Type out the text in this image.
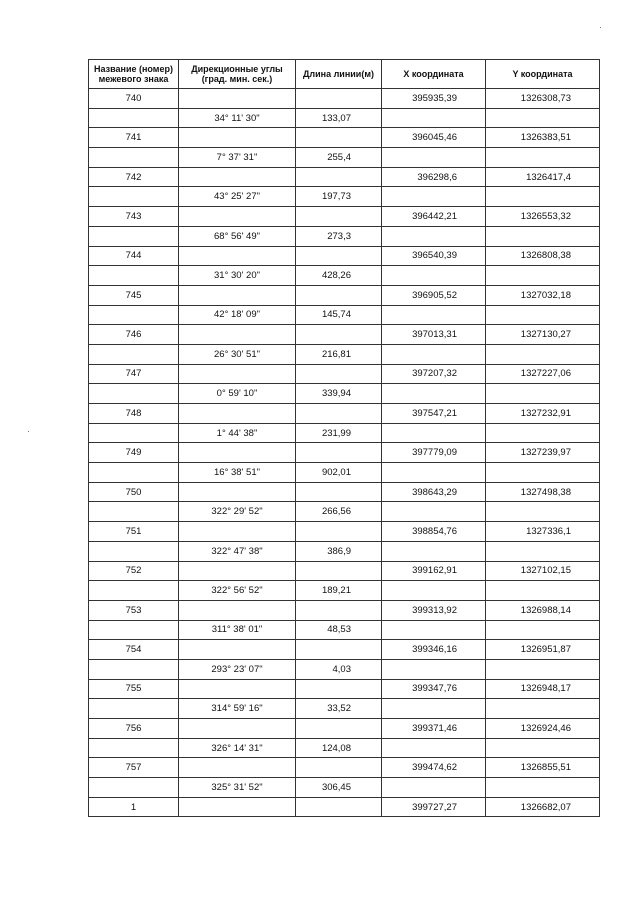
Название (номер) межевого знака	Дирекционные углы (град. мин. сек.)	Длина линии(м)	X координата	Y координата
740			395935,39	1326308,73
	34° 11' 30"	133,07		
741			396045,46	1326383,51
	7° 37' 31"	255,4		
742			396298,6	1326417,4
	43° 25' 27"	197,73		
743			396442,21	1326553,32
	68° 56' 49"	273,3		
744			396540,39	1326808,38
	31° 30' 20"	428,26		
745			396905,52	1327032,18
	42° 18' 09"	145,74		
746			397013,31	1327130,27
	26° 30' 51"	216,81		
747			397207,32	1327227,06
	0° 59' 10"	339,94		
748			397547,21	1327232,91
	1° 44' 38"	231,99		
749			397779,09	1327239,97
	16° 38' 51"	902,01		
750			398643,29	1327498,38
	322° 29' 52"	266,56		
751			398854,76	1327336,1
	322° 47' 38"	386,9		
752			399162,91	1327102,15
	322° 56' 52"	189,21		
753			399313,92	1326988,14
	311° 38' 01"	48,53		
754			399346,16	1326951,87
	293° 23' 07"	4,03		
755			399347,76	1326948,17
	314° 59' 16"	33,52		
756			399371,46	1326924,46
	326° 14' 31"	124,08		
757			399474,62	1326855,51
	325° 31' 52"	306,45		
1			399727,27	1326682,07
